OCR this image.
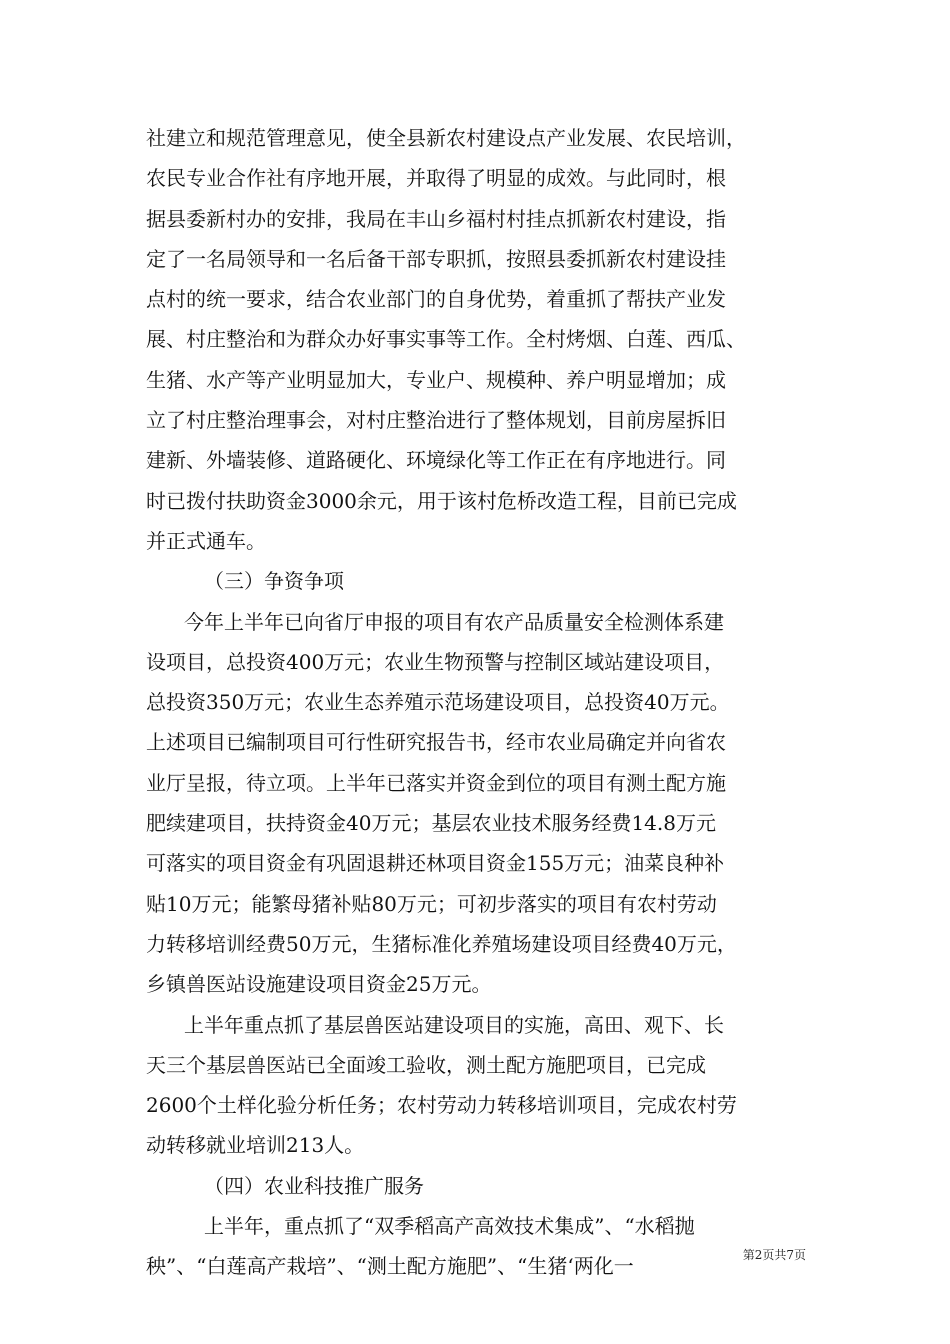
社建立和规范管理意见，使全县新农村建设点产业发展、农民培训，
农民专业合作社有序地开展，并取得了明显的成效。与此同时，根
据县委新村办的安排，我局在丰山乡福村村挂点抓新农村建设，指
定了一名局领导和一名后备干部专职抓，按照县委抓新农村建设挂
点村的统一要求，结合农业部门的自身优势，着重抓了帮扶产业发
展、村庄整治和为群众办好事实事等工作。全村烤烟、白莲、西瓜、
生猪、水产等产业明显加大，专业户、规模种、养户明显增加；成
立了村庄整治理事会，对村庄整治进行了整体规划，目前房屋拆旧
建新、外墙装修、道路硬化、环境绿化等工作正在有序地进行。同
时已拨付扶助资金3000余元，用于该村危桥改造工程，目前已完成
并正式通车。
（三）争资争项
今年上半年已向省厅申报的项目有农产品质量安全检测体系建
设项目，总投资400万元；农业生物预警与控制区域站建设项目，
总投资350万元；农业生态养殖示范场建设项目，总投资40万元。
上述项目已编制项目可行性研究报告书，经市农业局确定并向省农
业厅呈报，待立项。上半年已落实并资金到位的项目有测土配方施
肥续建项目，扶持资金40万元；基层农业技术服务经费14.8万元
可落实的项目资金有巩固退耕还林项目资金155万元；油菜良种补
贴10万元；能繁母猪补贴80万元；可初步落实的项目有农村劳动
力转移培训经费50万元，生猪标准化养殖场建设项目经费40万元，
乡镇兽医站设施建设项目资金25万元。
上半年重点抓了基层兽医站建设项目的实施，高田、观下、长
天三个基层兽医站已全面竣工验收，测土配方施肥项目，已完成
2600个土样化验分析任务；农村劳动力转移培训项目，完成农村劳
动转移就业培训213人。
（四）农业科技推广服务
上半年，重点抓了“双季稻高产高效技术集成”、“水稻抛
秧”、“白莲高产栽培”、“测土配方施肥”、“生猪‘两化一	第2页共7页
